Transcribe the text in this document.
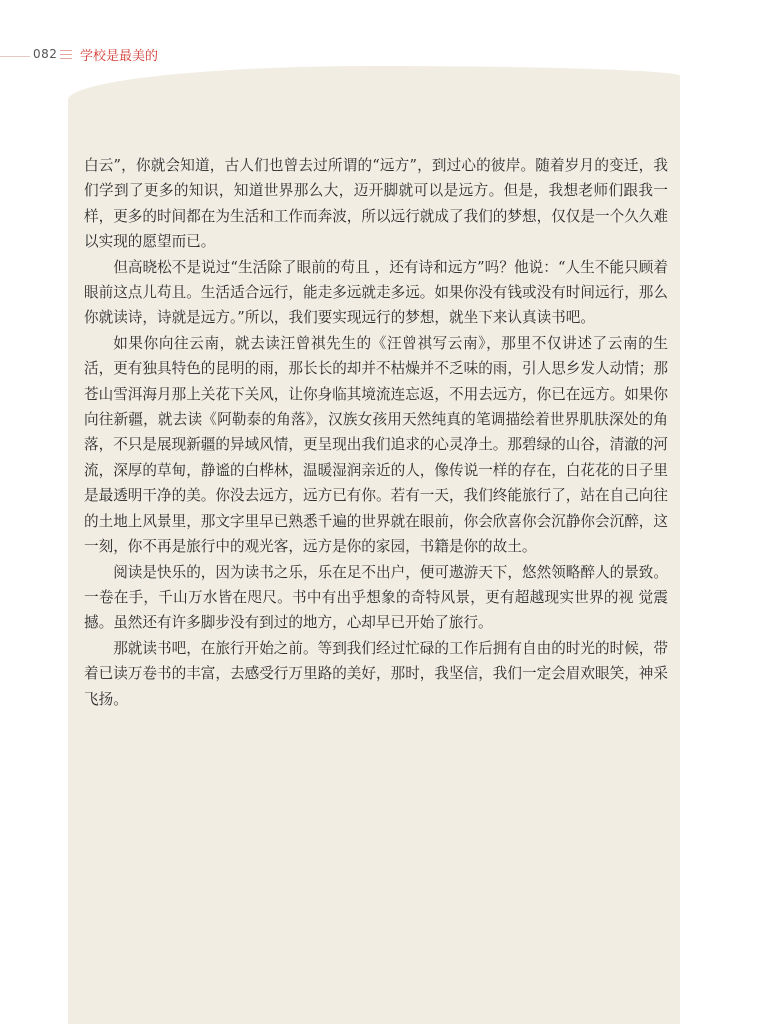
082 学校是最美的

白云”，你就会知道，古人们也曾去过所谓的“远方”，到过心的彼岸。随着岁月的变迁，我们学到了更多的知识，知道世界那么大，迈开脚就可以是远方。但是，我想老师们跟我一样，更多的时间都在为生活和工作而奔波，所以远行就成了我们的梦想，仅仅是一个久久难以实现的愿望而已。

但高晓松不是说过“生活除了眼前的苟且 ，还有诗和远方”吗？他说：“人生不能只顾着眼前这点儿苟且。生活适合远行，能走多远就走多远。如果你没有钱或没有时间远行，那么你就读诗，诗就是远方。”所以，我们要实现远行的梦想，就坐下来认真读书吧。

如果你向往云南，就去读汪曾祺先生的《汪曾祺写云南》，那里不仅讲述了云南的生活，更有独具特色的昆明的雨，那长长的却并不枯燥并不乏味的雨，引人思乡发人动情；那苍山雪洱海月那上关花下关风，让你身临其境流连忘返，不用去远方，你已在远方。如果你向往新疆，就去读《阿勒泰的角落》，汉族女孩用天然纯真的笔调描绘着世界肌肤深处的角落，不只是展现新疆的异域风情，更呈现出我们追求的心灵净土。那碧绿的山谷，清澈的河流，深厚的草甸，静谧的白桦林，温暖湿润亲近的人，像传说一样的存在，白花花的日子里是最透明干净的美。你没去远方，远方已有你。若有一天，我们终能旅行了，站在自己向往的土地上风景里，那文字里早已熟悉千遍的世界就在眼前，你会欣喜你会沉静你会沉醉，这一刻，你不再是旅行中的观光客，远方是你的家园，书籍是你的故土。

阅读是快乐的，因为读书之乐，乐在足不出户，便可遨游天下，悠然领略醉人的景致。一卷在手，千山万水皆在咫尺。书中有出乎想象的奇特风景，更有超越现实世界的视 觉震撼。虽然还有许多脚步没有到过的地方，心却早已开始了旅行。

那就读书吧，在旅行开始之前。等到我们经过忙碌的工作后拥有自由的时光的时候，带着已读万卷书的丰富，去感受行万里路的美好，那时，我坚信，我们一定会眉欢眼笑，神采飞扬。
